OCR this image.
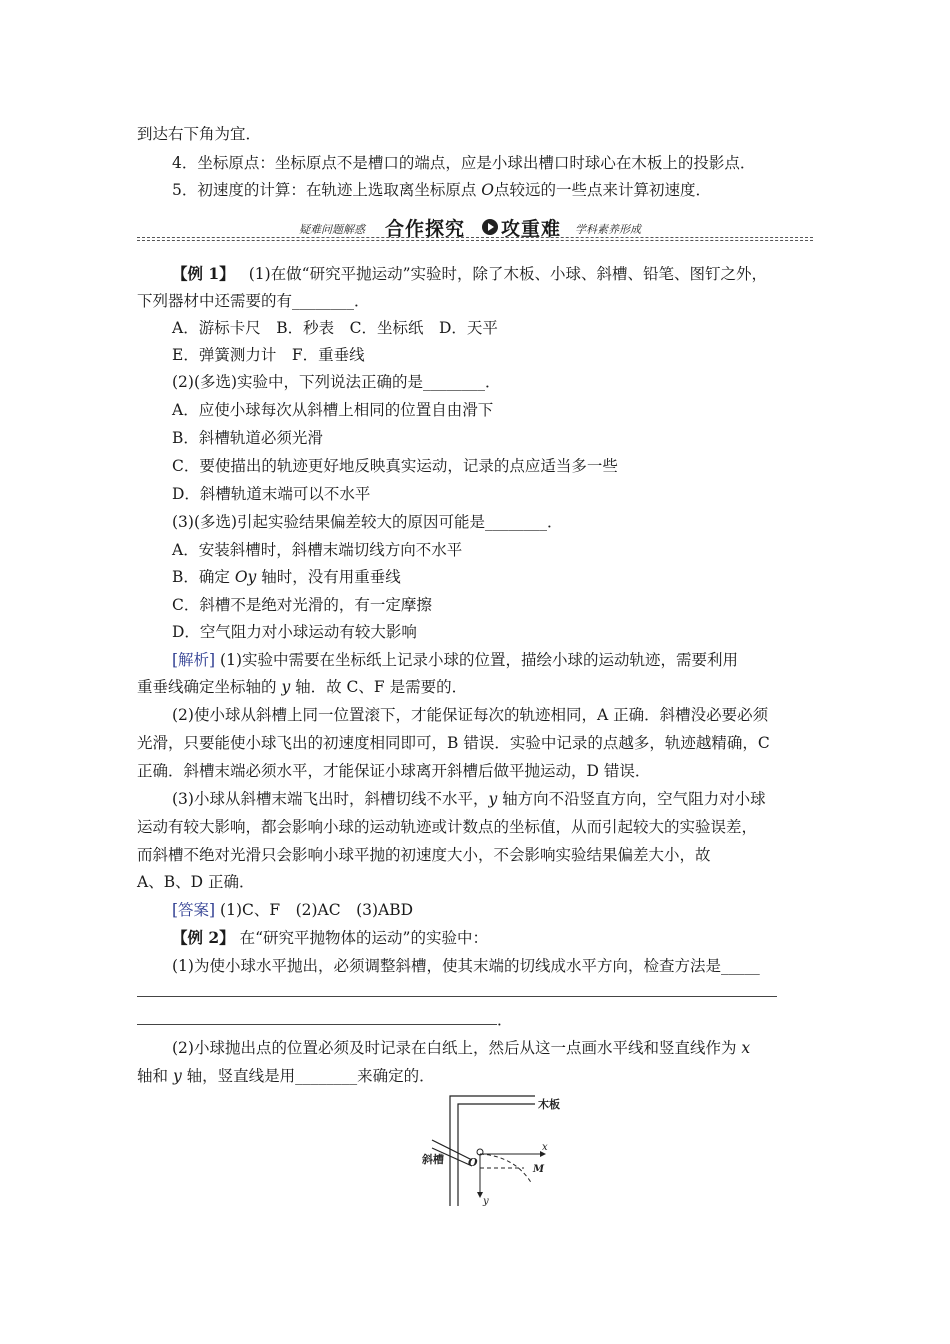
到达右下角为宜．
4．坐标原点：坐标原点不是槽口的端点，应是小球出槽口时球心在木板上的投影点．
5．初速度的计算：在轨迹上选取离坐标原点 O点较远的一些点来计算初速度．
疑难问题解惑 合作探究 攻重难 学科素养形成
【例 1】 (1)在做“研究平抛运动”实验时，除了木板、小球、斜槽、铅笔、图钉之外，
下列器材中还需要的有________．
A．游标卡尺　B．秒表　C．坐标纸　D．天平
E．弹簧测力计　F．重垂线
(2)(多选)实验中，下列说法正确的是________．
A．应使小球每次从斜槽上相同的位置自由滑下
B．斜槽轨道必须光滑
C．要使描出的轨迹更好地反映真实运动，记录的点应适当多一些
D．斜槽轨道末端可以不水平
(3)(多选)引起实验结果偏差较大的原因可能是________．
A．安装斜槽时，斜槽末端切线方向不水平
B．确定 Oy 轴时，没有用重垂线
C．斜槽不是绝对光滑的，有一定摩擦
D．空气阻力对小球运动有较大影响
[解析] (1)实验中需要在坐标纸上记录小球的位置，描绘小球的运动轨迹，需要利用
重垂线确定坐标轴的 y 轴．故 C、F 是需要的．
(2)使小球从斜槽上同一位置滚下，才能保证每次的轨迹相同，A 正确．斜槽没必要必须
光滑，只要能使小球飞出的初速度相同即可，B 错误．实验中记录的点越多，轨迹越精确，C
正确．斜槽末端必须水平，才能保证小球离开斜槽后做平抛运动，D 错误．
(3)小球从斜槽末端飞出时，斜槽切线不水平，y 轴方向不沿竖直方向，空气阻力对小球
运动有较大影响，都会影响小球的运动轨迹或计数点的坐标值，从而引起较大的实验误差，
而斜槽不绝对光滑只会影响小球平抛的初速度大小，不会影响实验结果偏差大小，故
A、B、D 正确．
[答案] (1)C、F　(2)AC　(3)ABD
【例 2】 在“研究平抛物体的运动”的实验中：
(1)为使小球水平抛出，必须调整斜槽，使其末端的切线成水平方向，检查方法是_____
．
(2)小球抛出点的位置必须及时记录在白纸上，然后从这一点画水平线和竖直线作为 x
轴和 y 轴，竖直线是用________来确定的．
木板
斜槽 O
x
y
M
